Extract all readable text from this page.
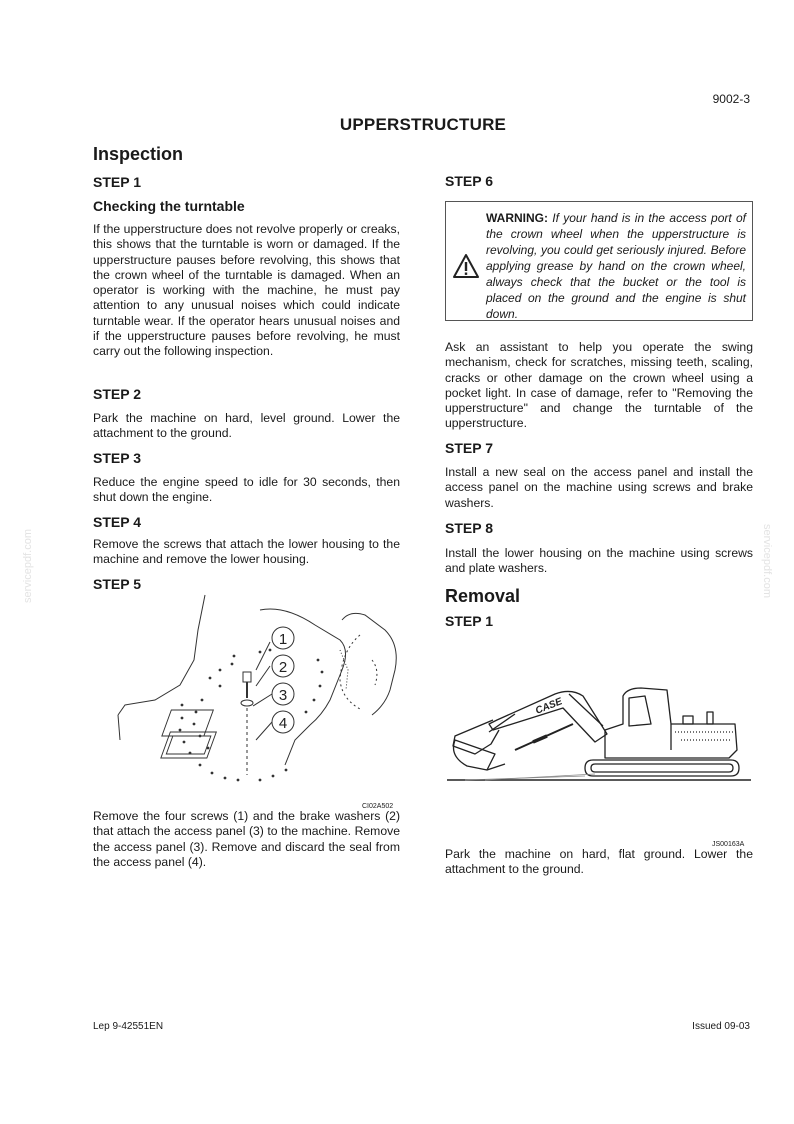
9002-3
UPPERSTRUCTURE
servicepdf.com	servicepdf.com
Inspection
STEP 1
Checking the turntable
If the upperstructure does not revolve properly or creaks, this shows that the turntable is worn or damaged. If the upperstructure pauses before revolving, this shows that the crown wheel of the turntable is damaged. When an operator is working with the machine, he must pay attention to any unusual noises which could indicate turntable wear. If the operator hears unusual noises and if the upperstructure pauses before revolving, he must carry out the following inspection.
STEP 2
Park the machine on hard, level ground. Lower the attachment to the ground.
STEP 3
Reduce the engine speed to idle for 30 seconds, then shut down the engine.
STEP 4
Remove the screws that attach the lower housing to the machine and remove the lower housing.
STEP 5
1
2
3
4
CI02A502
Remove the four screws (1) and the brake washers (2) that attach the access panel (3) to the machine. Remove the access panel (3). Remove and discard the seal from the access panel (4).
STEP 6
WARNING: If your hand is in the access port of the crown wheel when the upperstructure is revolving, you could get seriously injured. Before applying grease by hand on the crown wheel, always check that the bucket or the tool is placed on the ground and the engine is shut down.
Ask an assistant to help you operate the swing mechanism, check for scratches, missing teeth, scaling, cracks or other damage on the crown wheel using a pocket light. In case of damage, refer to "Removing the upperstructure" and change the turntable of the upperstructure.
STEP 7
Install a new seal on the access panel and install the access panel on the machine using screws and brake washers.
STEP 8
Install the lower housing on the machine using screws and plate washers.
Removal
STEP 1
CASE
JS00163A
Park the machine on hard, flat ground. Lower the attachment to the ground.
Lep 9-42551EN	Issued 09-03
